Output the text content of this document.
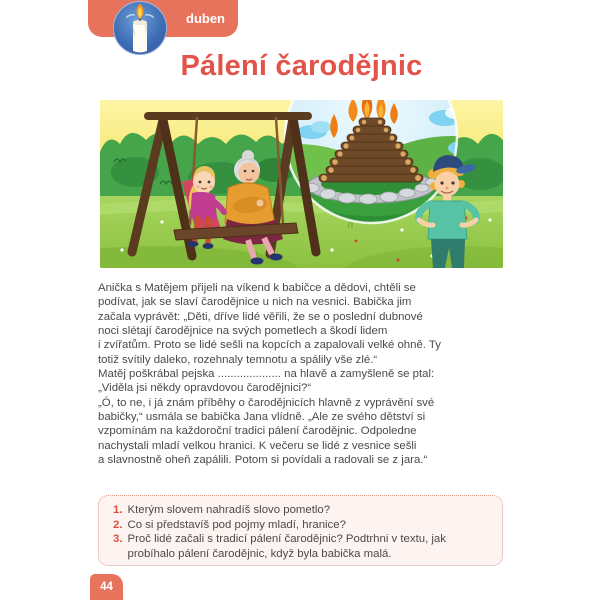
duben
Pálení čarodějnic
Anička s Matějem přijeli na víkend k babičce a dědovi, chtěli se
podívat, jak se slaví čarodějnice u nich na vesnici. Babička jim
začala vyprávět: „Děti, dříve lidé věřili, že se o poslední dubnové
noci slétají čarodějnice na svých pometlech a škodí lidem
i zvířatům. Proto se lidé sešli na kopcích a zapalovali velké ohně. Ty
totiž svítily daleko, rozehnaly temnotu a spálily vše zlé.“
Matěj poškrábal pejska .................... na hlavě a zamyšleně se ptal:
„Viděla jsi někdy opravdovou čarodějnici?“
„Ó, to ne, i já znám příběhy o čarodějnicích hlavně z vyprávění své
babičky,“ usmála se babička Jana vlídně. „Ale ze svého dětství si
vzpomínám na každoroční tradici pálení čarodějnic. Odpoledne
nachystali mladí velkou hranici. K večeru se lidé z vesnice sešli
a slavnostně oheň zapálili. Potom si povídali a radovali se z jara.“
1. Kterým slovem nahradíš slovo pometlo?
2. Co si představíš pod pojmy mladí, hranice?
3. Proč lidé začali s tradicí pálení čarodějnic? Podtrhni v textu, jak probíhalo pálení čarodějnic, když byla babička malá.
44
